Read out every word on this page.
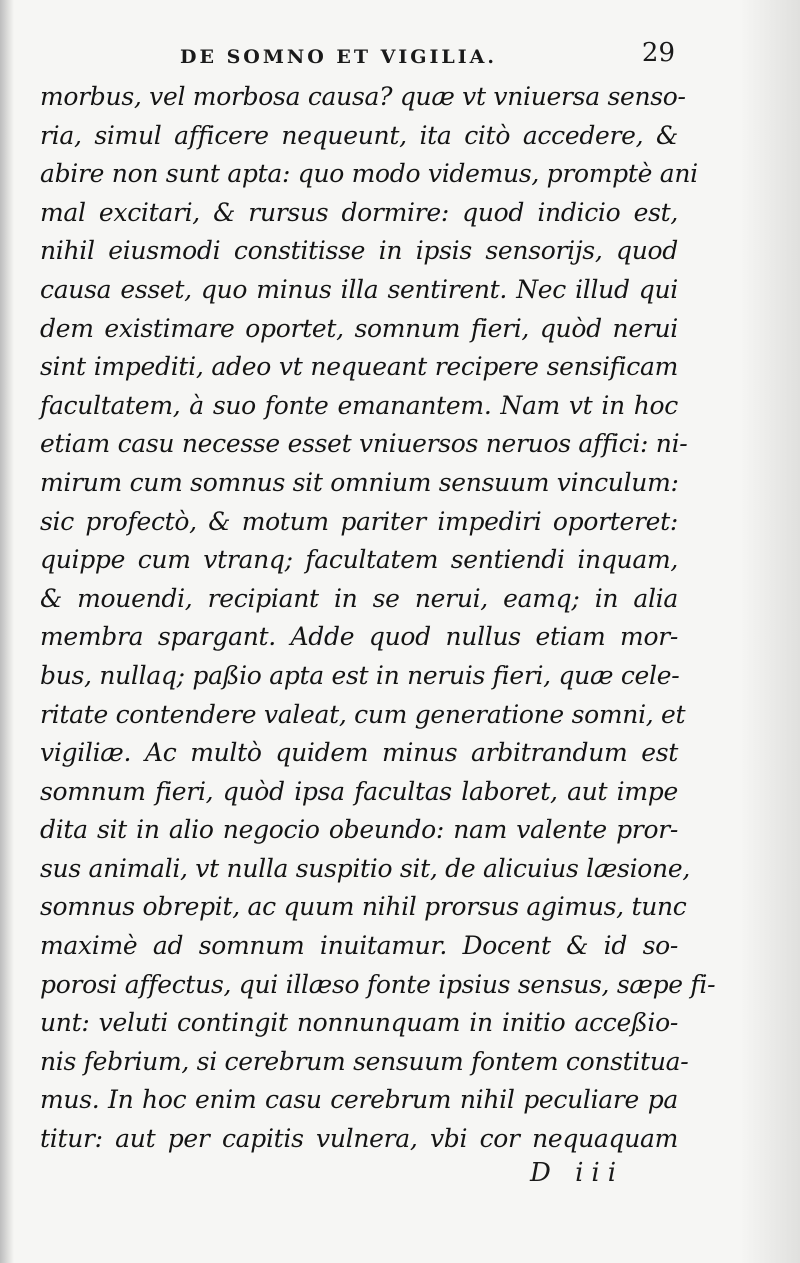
DE SOMNO ET VIGILIA.	29
morbus, vel morbosa causa? quæ vt vniuersa senso-
ria, simul afficere nequeunt, ita citò accedere, &
abire non sunt apta: quo modo videmus, promptè ani
mal excitari, & rursus dormire: quod indicio est,
nihil eiusmodi constitisse in ipsis sensorijs, quod
causa esset, quo minus illa sentirent. Nec illud qui
dem existimare oportet, somnum fieri, quòd nerui
sint impediti, adeo vt nequeant recipere sensificam
facultatem, à suo fonte emanantem. Nam vt in hoc
etiam casu necesse esset vniuersos neruos affici: ni-
mirum cum somnus sit omnium sensuum vinculum:
sic profectò, & motum pariter impediri oporteret:
quippe cum vtranq; facultatem sentiendi inquam,
& mouendi, recipiant in se nerui, eamq; in alia
membra spargant. Adde quod nullus etiam mor-
bus, nullaq; paßio apta est in neruis fieri, quæ cele-
ritate contendere valeat, cum generatione somni, et
vigiliæ. Ac multò quidem minus arbitrandum est
somnum fieri, quòd ipsa facultas laboret, aut impe
dita sit in alio negocio obeundo: nam valente pror-
sus animali, vt nulla suspitio sit, de alicuius læsione,
somnus obrepit, ac quum nihil prorsus agimus, tunc
maximè ad somnum inuitamur. Docent & id so-
porosi affectus, qui illæso fonte ipsius sensus, sæpe fi-
unt: veluti contingit nonnunquam in initio acceßio-
nis febrium, si cerebrum sensuum fontem constitua-
mus. In hoc enim casu cerebrum nihil peculiare pa
titur: aut per capitis vulnera, vbi cor nequaquam
D iii
